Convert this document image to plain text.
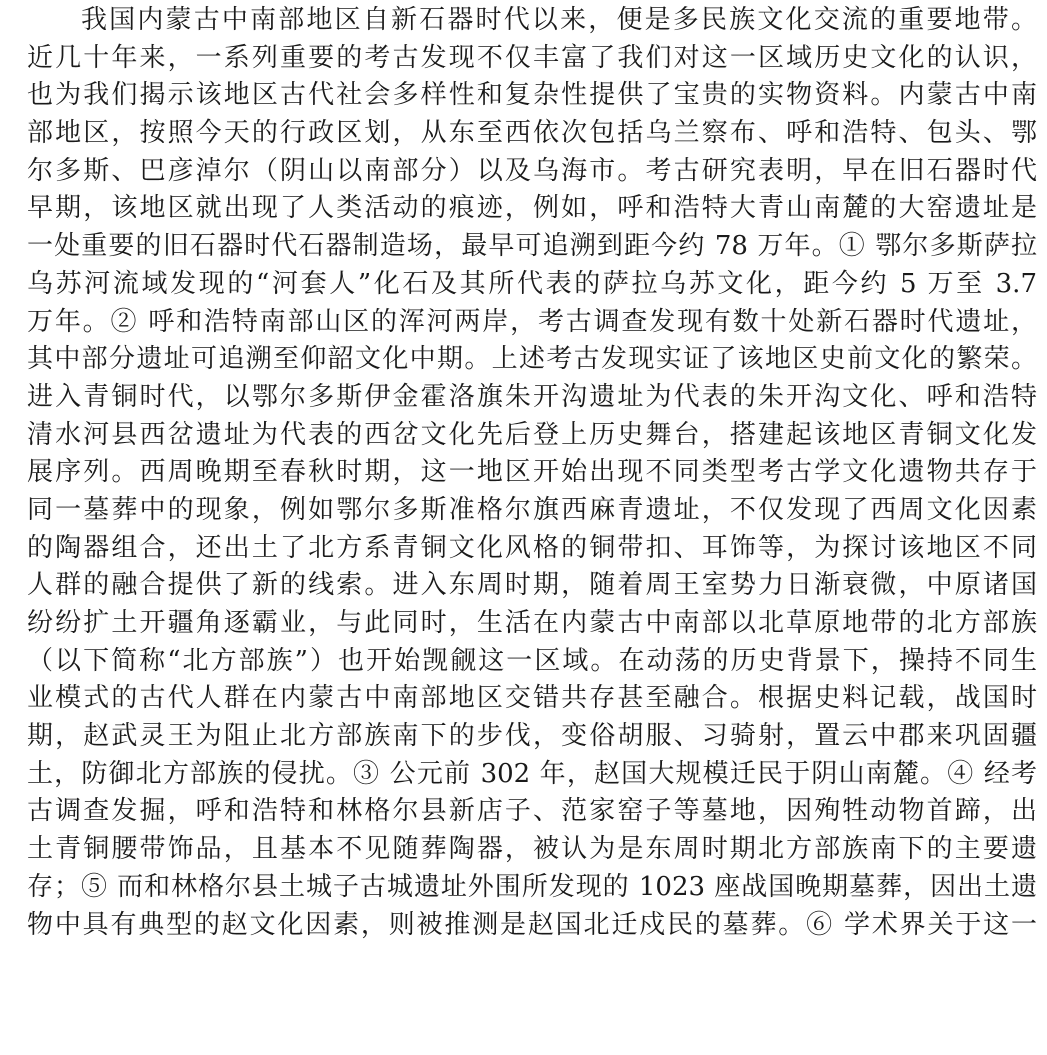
我国内蒙古中南部地区自新石器时代以来，便是多民族文化交流的重要地带。
近几十年来，一系列重要的考古发现不仅丰富了我们对这一区域历史文化的认识，
也为我们揭示该地区古代社会多样性和复杂性提供了宝贵的实物资料。内蒙古中南
部地区，按照今天的行政区划，从东至西依次包括乌兰察布、呼和浩特、包头、鄂
尔多斯、巴彦淖尔（阴山以南部分）以及乌海市。考古研究表明，早在旧石器时代
早期，该地区就出现了人类活动的痕迹，例如，呼和浩特大青山南麓的大窑遗址是
一处重要的旧石器时代石器制造场，最早可追溯到距今约 78 万年。① 鄂尔多斯萨拉
乌苏河流域发现的“河套人”化石及其所代表的萨拉乌苏文化，距今约 5 万至 3.7
万年。② 呼和浩特南部山区的浑河两岸，考古调查发现有数十处新石器时代遗址，
其中部分遗址可追溯至仰韶文化中期。上述考古发现实证了该地区史前文化的繁荣。
进入青铜时代，以鄂尔多斯伊金霍洛旗朱开沟遗址为代表的朱开沟文化、呼和浩特
清水河县西岔遗址为代表的西岔文化先后登上历史舞台，搭建起该地区青铜文化发
展序列。西周晚期至春秋时期，这一地区开始出现不同类型考古学文化遗物共存于
同一墓葬中的现象，例如鄂尔多斯准格尔旗西麻青遗址，不仅发现了西周文化因素
的陶器组合，还出土了北方系青铜文化风格的铜带扣、耳饰等，为探讨该地区不同
人群的融合提供了新的线索。进入东周时期，随着周王室势力日渐衰微，中原诸国
纷纷扩土开疆角逐霸业，与此同时，生活在内蒙古中南部以北草原地带的北方部族
（以下简称“北方部族”）也开始觊觎这一区域。在动荡的历史背景下，操持不同生
业模式的古代人群在内蒙古中南部地区交错共存甚至融合。根据史料记载，战国时
期，赵武灵王为阻止北方部族南下的步伐，变俗胡服、习骑射，置云中郡来巩固疆
土，防御北方部族的侵扰。③ 公元前 302 年，赵国大规模迁民于阴山南麓。④ 经考
古调查发掘，呼和浩特和林格尔县新店子、范家窑子等墓地，因殉牲动物首蹄，出
土青铜腰带饰品，且基本不见随葬陶器，被认为是东周时期北方部族南下的主要遗
存；⑤ 而和林格尔县土城子古城遗址外围所发现的 1023 座战国晚期墓葬，因出土遗
物中具有典型的赵文化因素，则被推测是赵国北迁戍民的墓葬。⑥ 学术界关于这一
